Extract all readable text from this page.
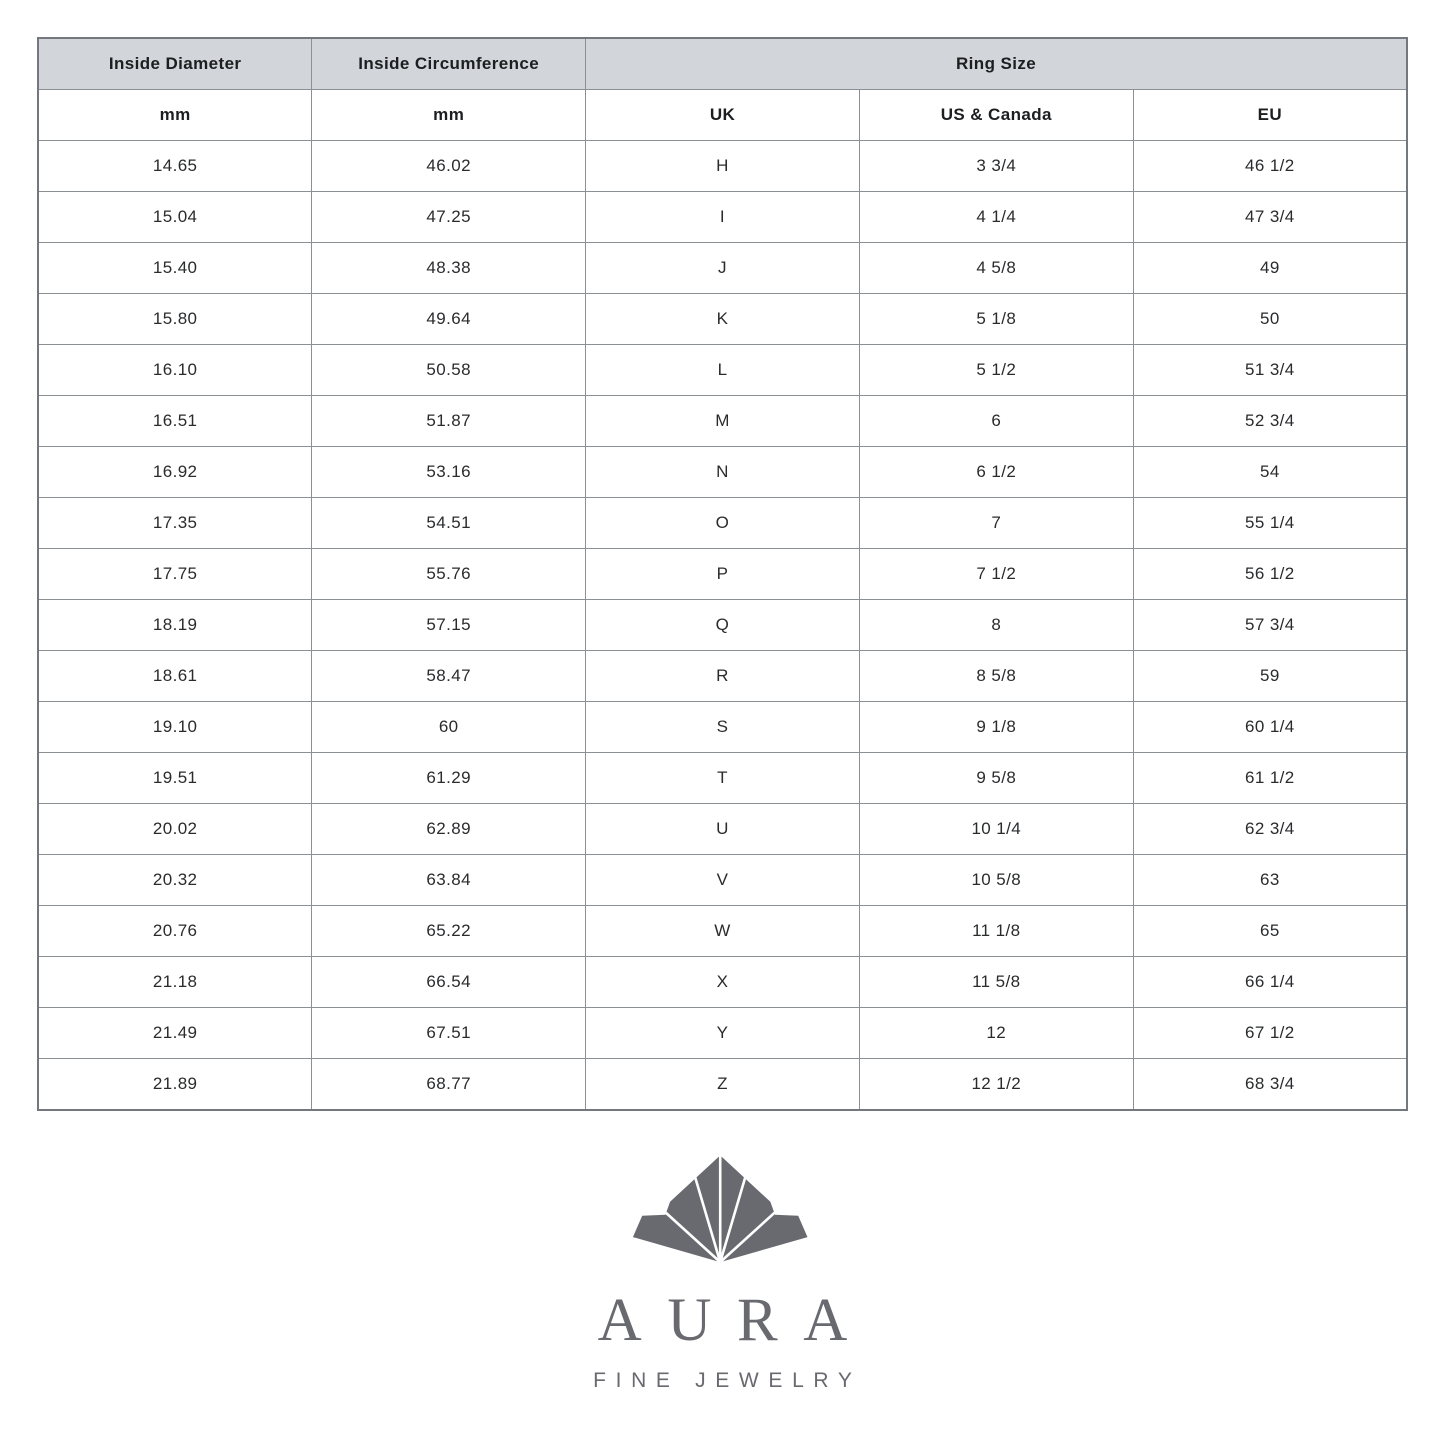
Inside Diameter	Inside Circumference	Ring Size		
mm	mm	UK	US & Canada	EU
14.65	46.02	H	3 3/4	46 1/2
15.04	47.25	I	4 1/4	47 3/4
15.40	48.38	J	4 5/8	49
15.80	49.64	K	5 1/8	50
16.10	50.58	L	5 1/2	51 3/4
16.51	51.87	M	6	52 3/4
16.92	53.16	N	6 1/2	54
17.35	54.51	O	7	55 1/4
17.75	55.76	P	7 1/2	56 1/2
18.19	57.15	Q	8	57 3/4
18.61	58.47	R	8 5/8	59
19.10	60	S	9 1/8	60 1/4
19.51	61.29	T	9 5/8	61 1/2
20.02	62.89	U	10 1/4	62 3/4
20.32	63.84	V	10 5/8	63
20.76	65.22	W	11 1/8	65
21.18	66.54	X	11 5/8	66 1/4
21.49	67.51	Y	12	67 1/2
21.89	68.77	Z	12 1/2	68 3/4
AURA
FINE JEWELRY
